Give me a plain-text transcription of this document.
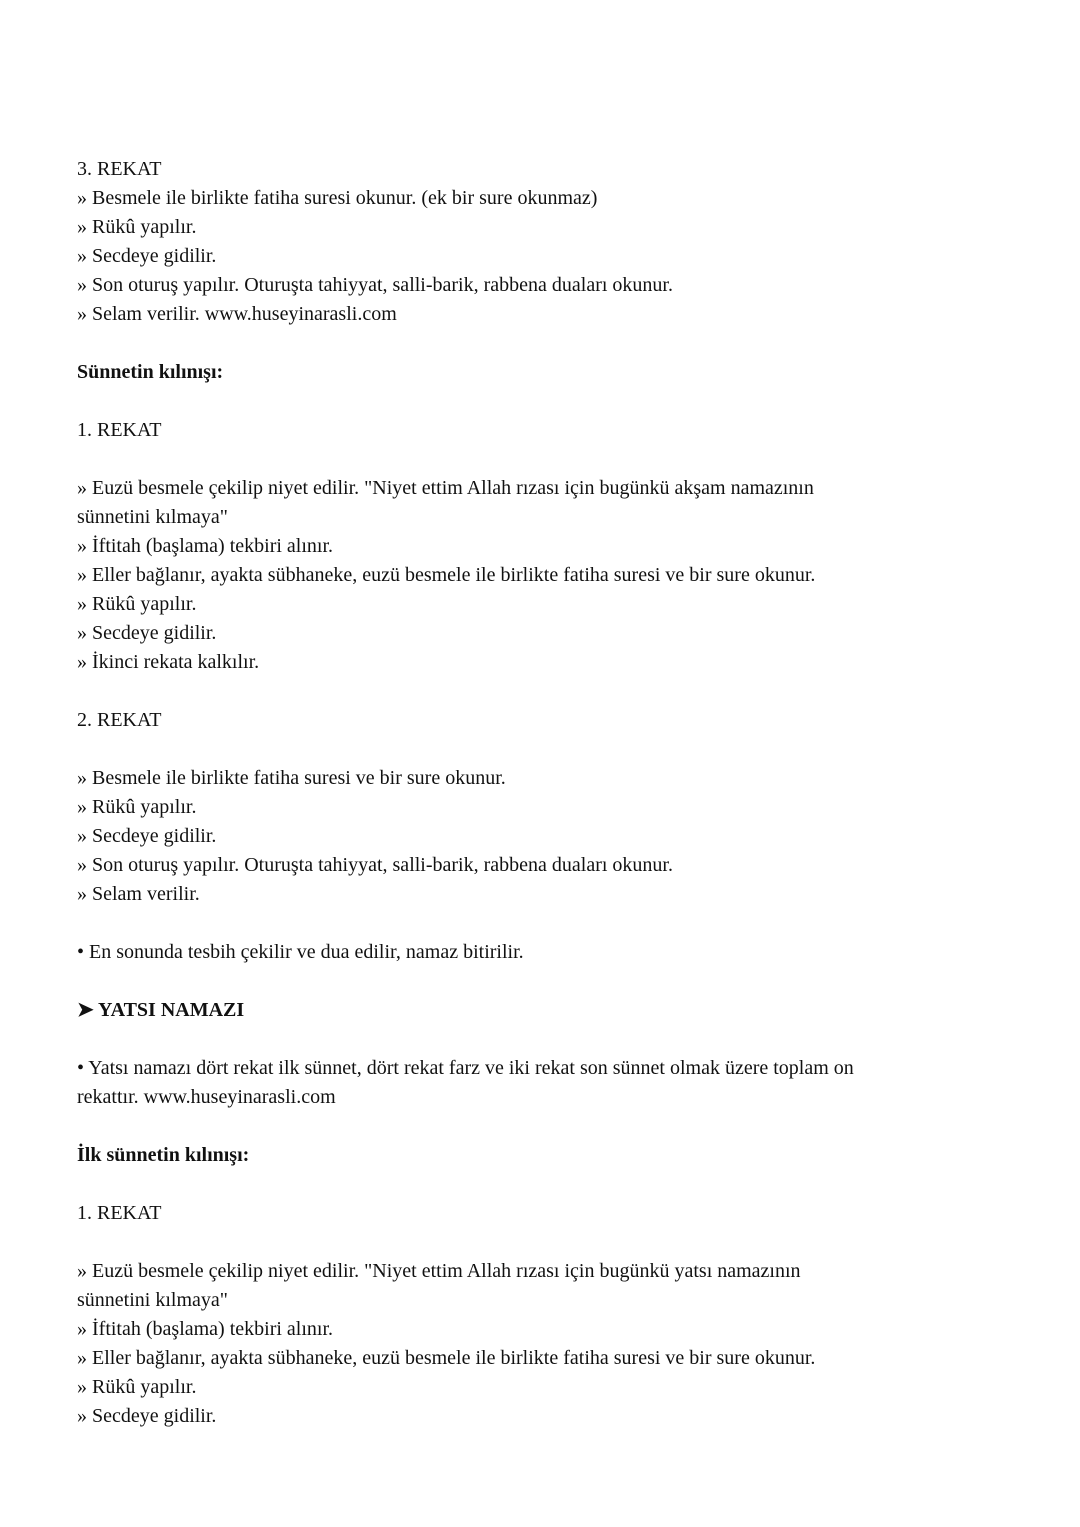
3. REKAT
» Besmele ile birlikte fatiha suresi okunur. (ek bir sure okunmaz)
» Rükû yapılır.
» Secdeye gidilir.
» Son oturuş yapılır. Oturuşta tahiyyat, salli-barik, rabbena duaları okunur.
» Selam verilir. www.huseyinarasli.com
Sünnetin kılınışı:
1. REKAT
» Euzü besmele çekilip niyet edilir. "Niyet ettim Allah rızası için bugünkü akşam namazının
sünnetini kılmaya"
» İftitah (başlama) tekbiri alınır.
» Eller bağlanır, ayakta sübhaneke, euzü besmele ile birlikte fatiha suresi ve bir sure okunur.
» Rükû yapılır.
» Secdeye gidilir.
» İkinci rekata kalkılır.
2. REKAT
» Besmele ile birlikte fatiha suresi ve bir sure okunur.
» Rükû yapılır.
» Secdeye gidilir.
» Son oturuş yapılır. Oturuşta tahiyyat, salli-barik, rabbena duaları okunur.
» Selam verilir.
• En sonunda tesbih çekilir ve dua edilir, namaz bitirilir.
➤ YATSI NAMAZI
• Yatsı namazı dört rekat ilk sünnet, dört rekat farz ve iki rekat son sünnet olmak üzere toplam on
rekattır. www.huseyinarasli.com
İlk sünnetin kılınışı:
1. REKAT
» Euzü besmele çekilip niyet edilir. "Niyet ettim Allah rızası için bugünkü yatsı namazının
sünnetini kılmaya"
» İftitah (başlama) tekbiri alınır.
» Eller bağlanır, ayakta sübhaneke, euzü besmele ile birlikte fatiha suresi ve bir sure okunur.
» Rükû yapılır.
» Secdeye gidilir.
